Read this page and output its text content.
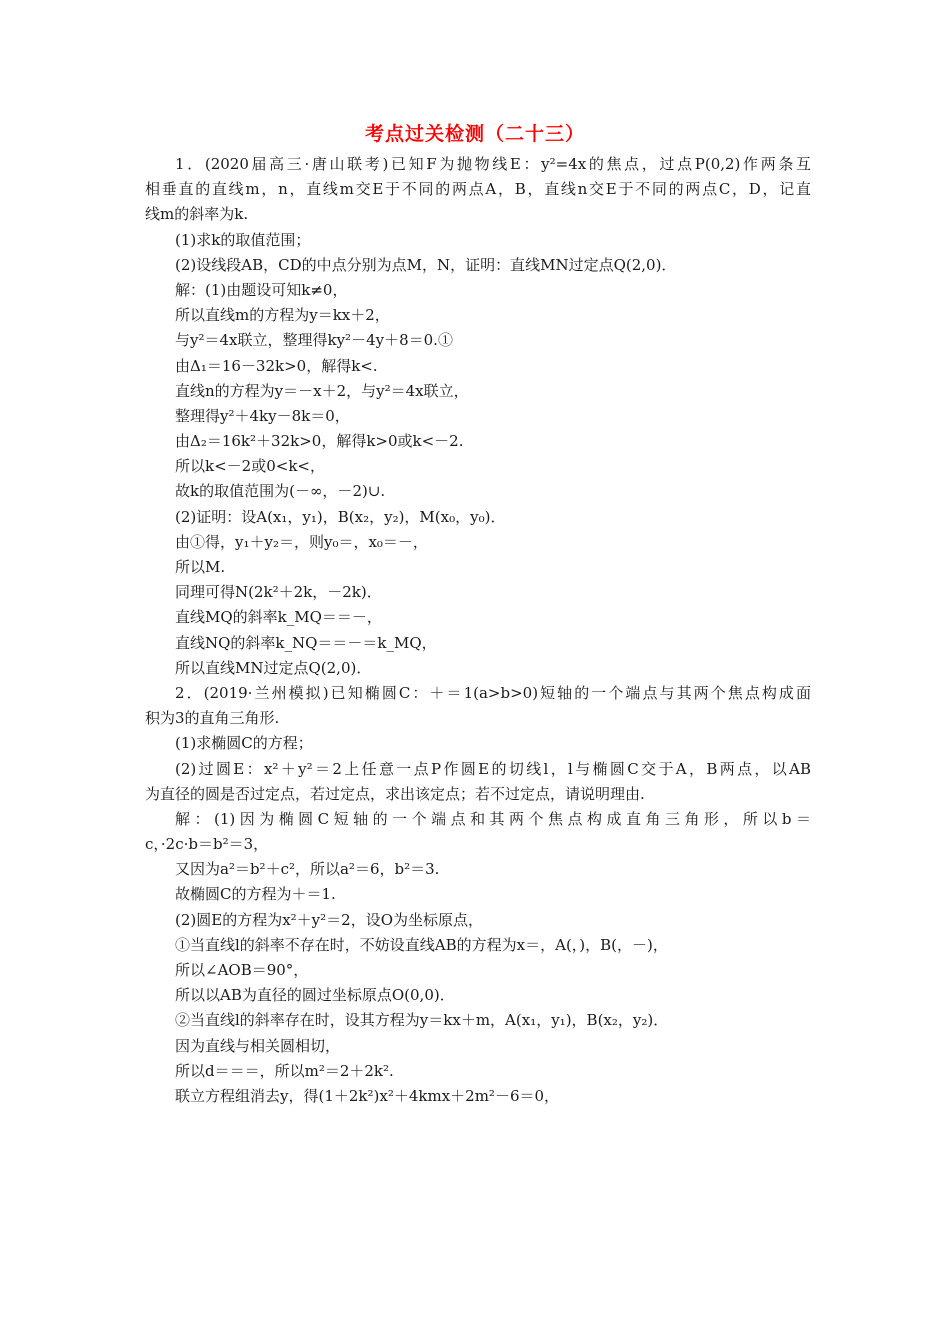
考点过关检测（二十三）
1．(2020届高三·唐山联考)已知F为抛物线E：y²=4x的焦点，过点P(0,2)作两条互
相垂直的直线m，n，直线m交E于不同的两点A，B，直线n交E于不同的两点C，D，记直
线m的斜率为k.
(1)求k的取值范围；
(2)设线段AB，CD的中点分别为点M，N，证明：直线MN过定点Q(2,0)．
解：(1)由题设可知k≠0，
所以直线m的方程为y＝kx＋2，
与y²＝4x联立，整理得ky²－4y＋8＝0.①
由Δ₁＝16－32k>0，解得k<.
直线n的方程为y＝－x＋2，与y²＝4x联立，
整理得y²＋4ky－8k＝0，
由Δ₂＝16k²＋32k>0，解得k>0或k<－2.
所以k<－2或0<k<，
故k的取值范围为(－∞，－2)∪.
(2)证明：设A(x₁，y₁)，B(x₂，y₂)，M(x₀，y₀)．
由①得，y₁＋y₂＝，则y₀＝，x₀＝－，
所以M.
同理可得N(2k²＋2k，－2k)．
直线MQ的斜率k_MQ＝＝－，
直线NQ的斜率k_NQ＝＝－＝k_MQ，
所以直线MN过定点Q(2,0)．
2．(2019·兰州模拟)已知椭圆C：＋＝1(a>b>0)短轴的一个端点与其两个焦点构成面
积为3的直角三角形.
(1)求椭圆C的方程；
(2)过圆E：x²＋y²＝2上任意一点P作圆E的切线l，l与椭圆C交于A，B两点，以AB
为直径的圆是否过定点，若过定点，求出该定点；若不过定点，请说明理由.
解：(1)因为椭圆C短轴的一个端点和其两个焦点构成直角三角形，所以b＝
c，·2c·b＝b²＝3，
又因为a²＝b²＋c²，所以a²＝6，b²＝3.
故椭圆C的方程为＋＝1.
(2)圆E的方程为x²＋y²＝2，设O为坐标原点，
①当直线l的斜率不存在时，不妨设直线AB的方程为x＝，A(，)，B(，－)，
所以∠AOB＝90°，
所以以AB为直径的圆过坐标原点O(0,0)．
②当直线l的斜率存在时，设其方程为y＝kx＋m，A(x₁，y₁)，B(x₂，y₂)．
因为直线与相关圆相切，
所以d＝＝＝，所以m²＝2＋2k².
联立方程组消去y，得(1＋2k²)x²＋4kmx＋2m²－6＝0，
